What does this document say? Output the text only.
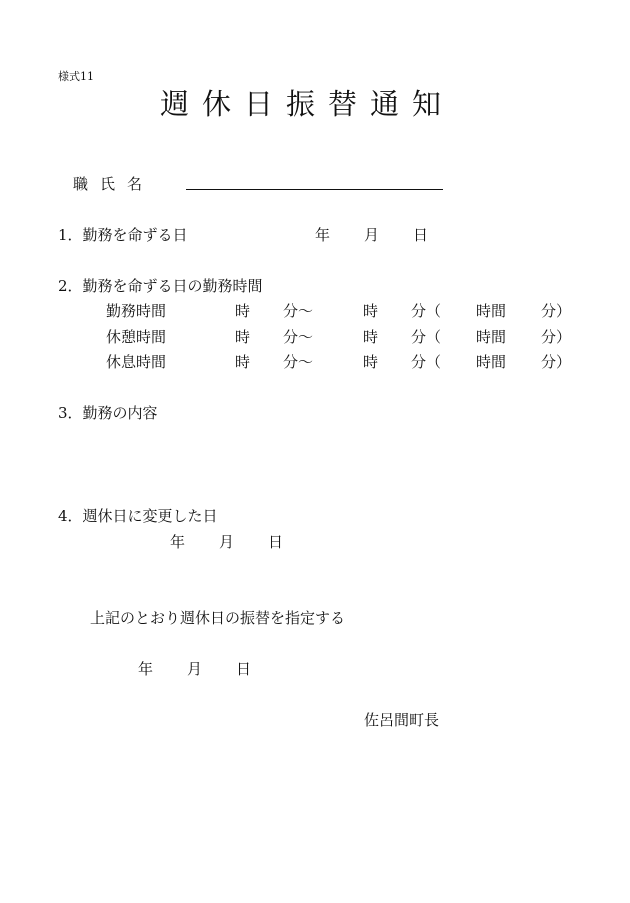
様式11
週休日振替通知
職氏名
1．勤務を命ずる日	年 月 日
2．勤務を命ずる日の勤務時間
勤務時間	時 分〜	時 分（ 時間 分）
休憩時間	時 分〜	時 分（ 時間 分）
休息時間	時 分〜	時 分（ 時間 分）
3．勤務の内容
4．週休日に変更した日
年 月 日
上記のとおり週休日の振替を指定する
年 月 日
佐呂間町長
